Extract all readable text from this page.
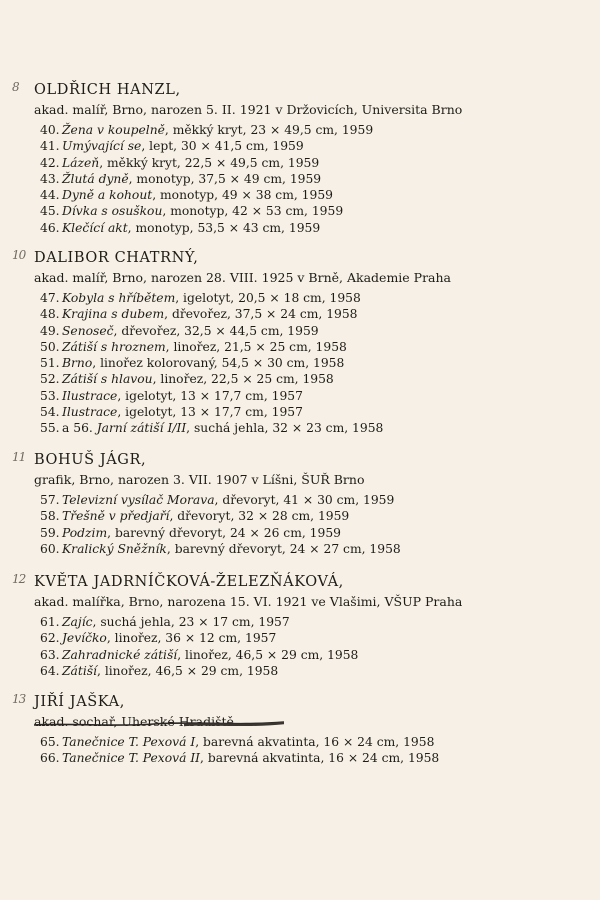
8 OLDŘICH HANZL,
akad. malíř, Brno, narozen 5. II. 1921 v Držovicích, Universita Brno
40. Žena v koupelně, měkký kryt, 23 × 49,5 cm, 1959
41. Umývající se, lept, 30 × 41,5 cm, 1959
42. Lázeň, měkký kryt, 22,5 × 49,5 cm, 1959
43. Žlutá dyně, monotyp, 37,5 × 49 cm, 1959
44. Dyně a kohout, monotyp, 49 × 38 cm, 1959
45. Dívka s osuškou, monotyp, 42 × 53 cm, 1959
46. Klečící akt, monotyp, 53,5 × 43 cm, 1959
10 DALIBOR CHATRNÝ,
akad. malíř, Brno, narozen 28. VIII. 1925 v Brně, Akademie Praha
47. Kobyla s hříbětem, igelotyt, 20,5 × 18 cm, 1958
48. Krajina s dubem, dřevořez, 37,5 × 24 cm, 1958
49. Senoseč, dřevořez, 32,5 × 44,5 cm, 1959
50. Zátiší s hroznem, linořez, 21,5 × 25 cm, 1958
51. Brno, linořez kolorovaný, 54,5 × 30 cm, 1958
52. Zátiší s hlavou, linořez, 22,5 × 25 cm, 1958
53. Ilustrace, igelotyt, 13 × 17,7 cm, 1957
54. Ilustrace, igelotyt, 13 × 17,7 cm, 1957
55. a 56. Jarní zátiší I/II, suchá jehla, 32 × 23 cm, 1958
11 BOHUŠ JÁGR,
grafik, Brno, narozen 3. VII. 1907 v Líšni, ŠUŘ Brno
57. Televizní vysílač Morava, dřevoryt, 41 × 30 cm, 1959
58. Třešně v předjaří, dřevoryt, 32 × 28 cm, 1959
59. Podzim, barevný dřevoryt, 24 × 26 cm, 1959
60. Kralický Sněžník, barevný dřevoryt, 24 × 27 cm, 1958
12 KVĚTA JADRNÍČKOVÁ-ŽELEZŇÁKOVÁ,
akad. malířka, Brno, narozena 15. VI. 1921 ve Vlašimi, VŠUP Praha
61. Zajíc, suchá jehla, 23 × 17 cm, 1957
62. Jevíčko, linořez, 36 × 12 cm, 1957
63. Zahradnické zátiší, linořez, 46,5 × 29 cm, 1958
64. Zátiší, linořez, 46,5 × 29 cm, 1958
13 JIŘÍ JAŠKA,
akad. sochař, Uherské Hradiště
65. Tanečnice T. Pexová I, barevná akvatinta, 16 × 24 cm, 1958
66. Tanečnice T. Pexová II, barevná akvatinta, 16 × 24 cm, 1958
